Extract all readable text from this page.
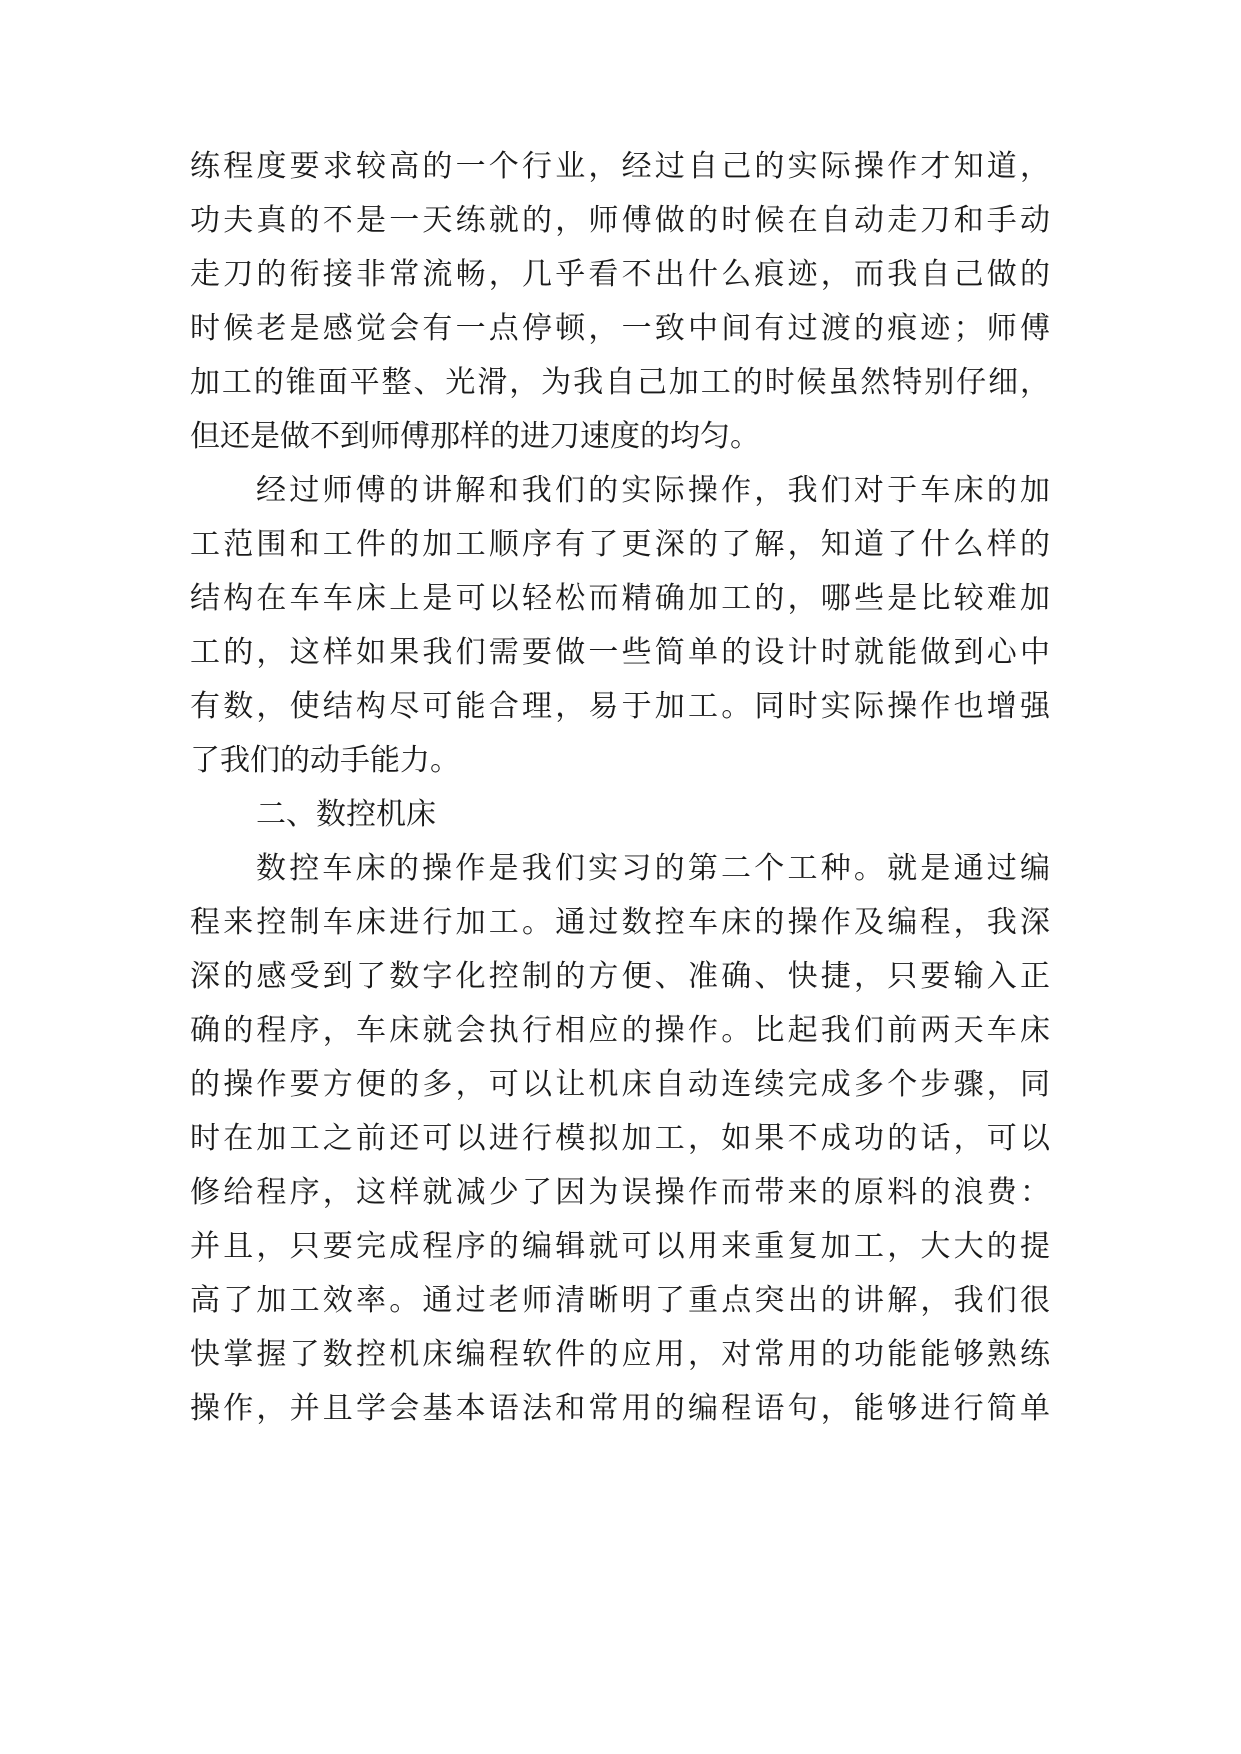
练程度要求较高的一个行业，经过自己的实际操作才知道，
功夫真的不是一天练就的，师傅做的时候在自动走刀和手动
走刀的衔接非常流畅，几乎看不出什么痕迹，而我自己做的
时候老是感觉会有一点停顿，一致中间有过渡的痕迹；师傅
加工的锥面平整、光滑，为我自己加工的时候虽然特别仔细，
但还是做不到师傅那样的进刀速度的均匀。
经过师傅的讲解和我们的实际操作，我们对于车床的加
工范围和工件的加工顺序有了更深的了解，知道了什么样的
结构在车车床上是可以轻松而精确加工的，哪些是比较难加
工的，这样如果我们需要做一些简单的设计时就能做到心中
有数，使结构尽可能合理，易于加工。同时实际操作也增强
了我们的动手能力。
二、数控机床
数控车床的操作是我们实习的第二个工种。就是通过编
程来控制车床进行加工。通过数控车床的操作及编程，我深
深的感受到了数字化控制的方便、准确、快捷，只要输入正
确的程序，车床就会执行相应的操作。比起我们前两天车床
的操作要方便的多，可以让机床自动连续完成多个步骤，同
时在加工之前还可以进行模拟加工，如果不成功的话，可以
修给程序，这样就减少了因为误操作而带来的原料的浪费：
并且，只要完成程序的编辑就可以用来重复加工，大大的提
高了加工效率。通过老师清晰明了重点突出的讲解，我们很
快掌握了数控机床编程软件的应用，对常用的功能能够熟练
操作，并且学会基本语法和常用的编程语句，能够进行简单
